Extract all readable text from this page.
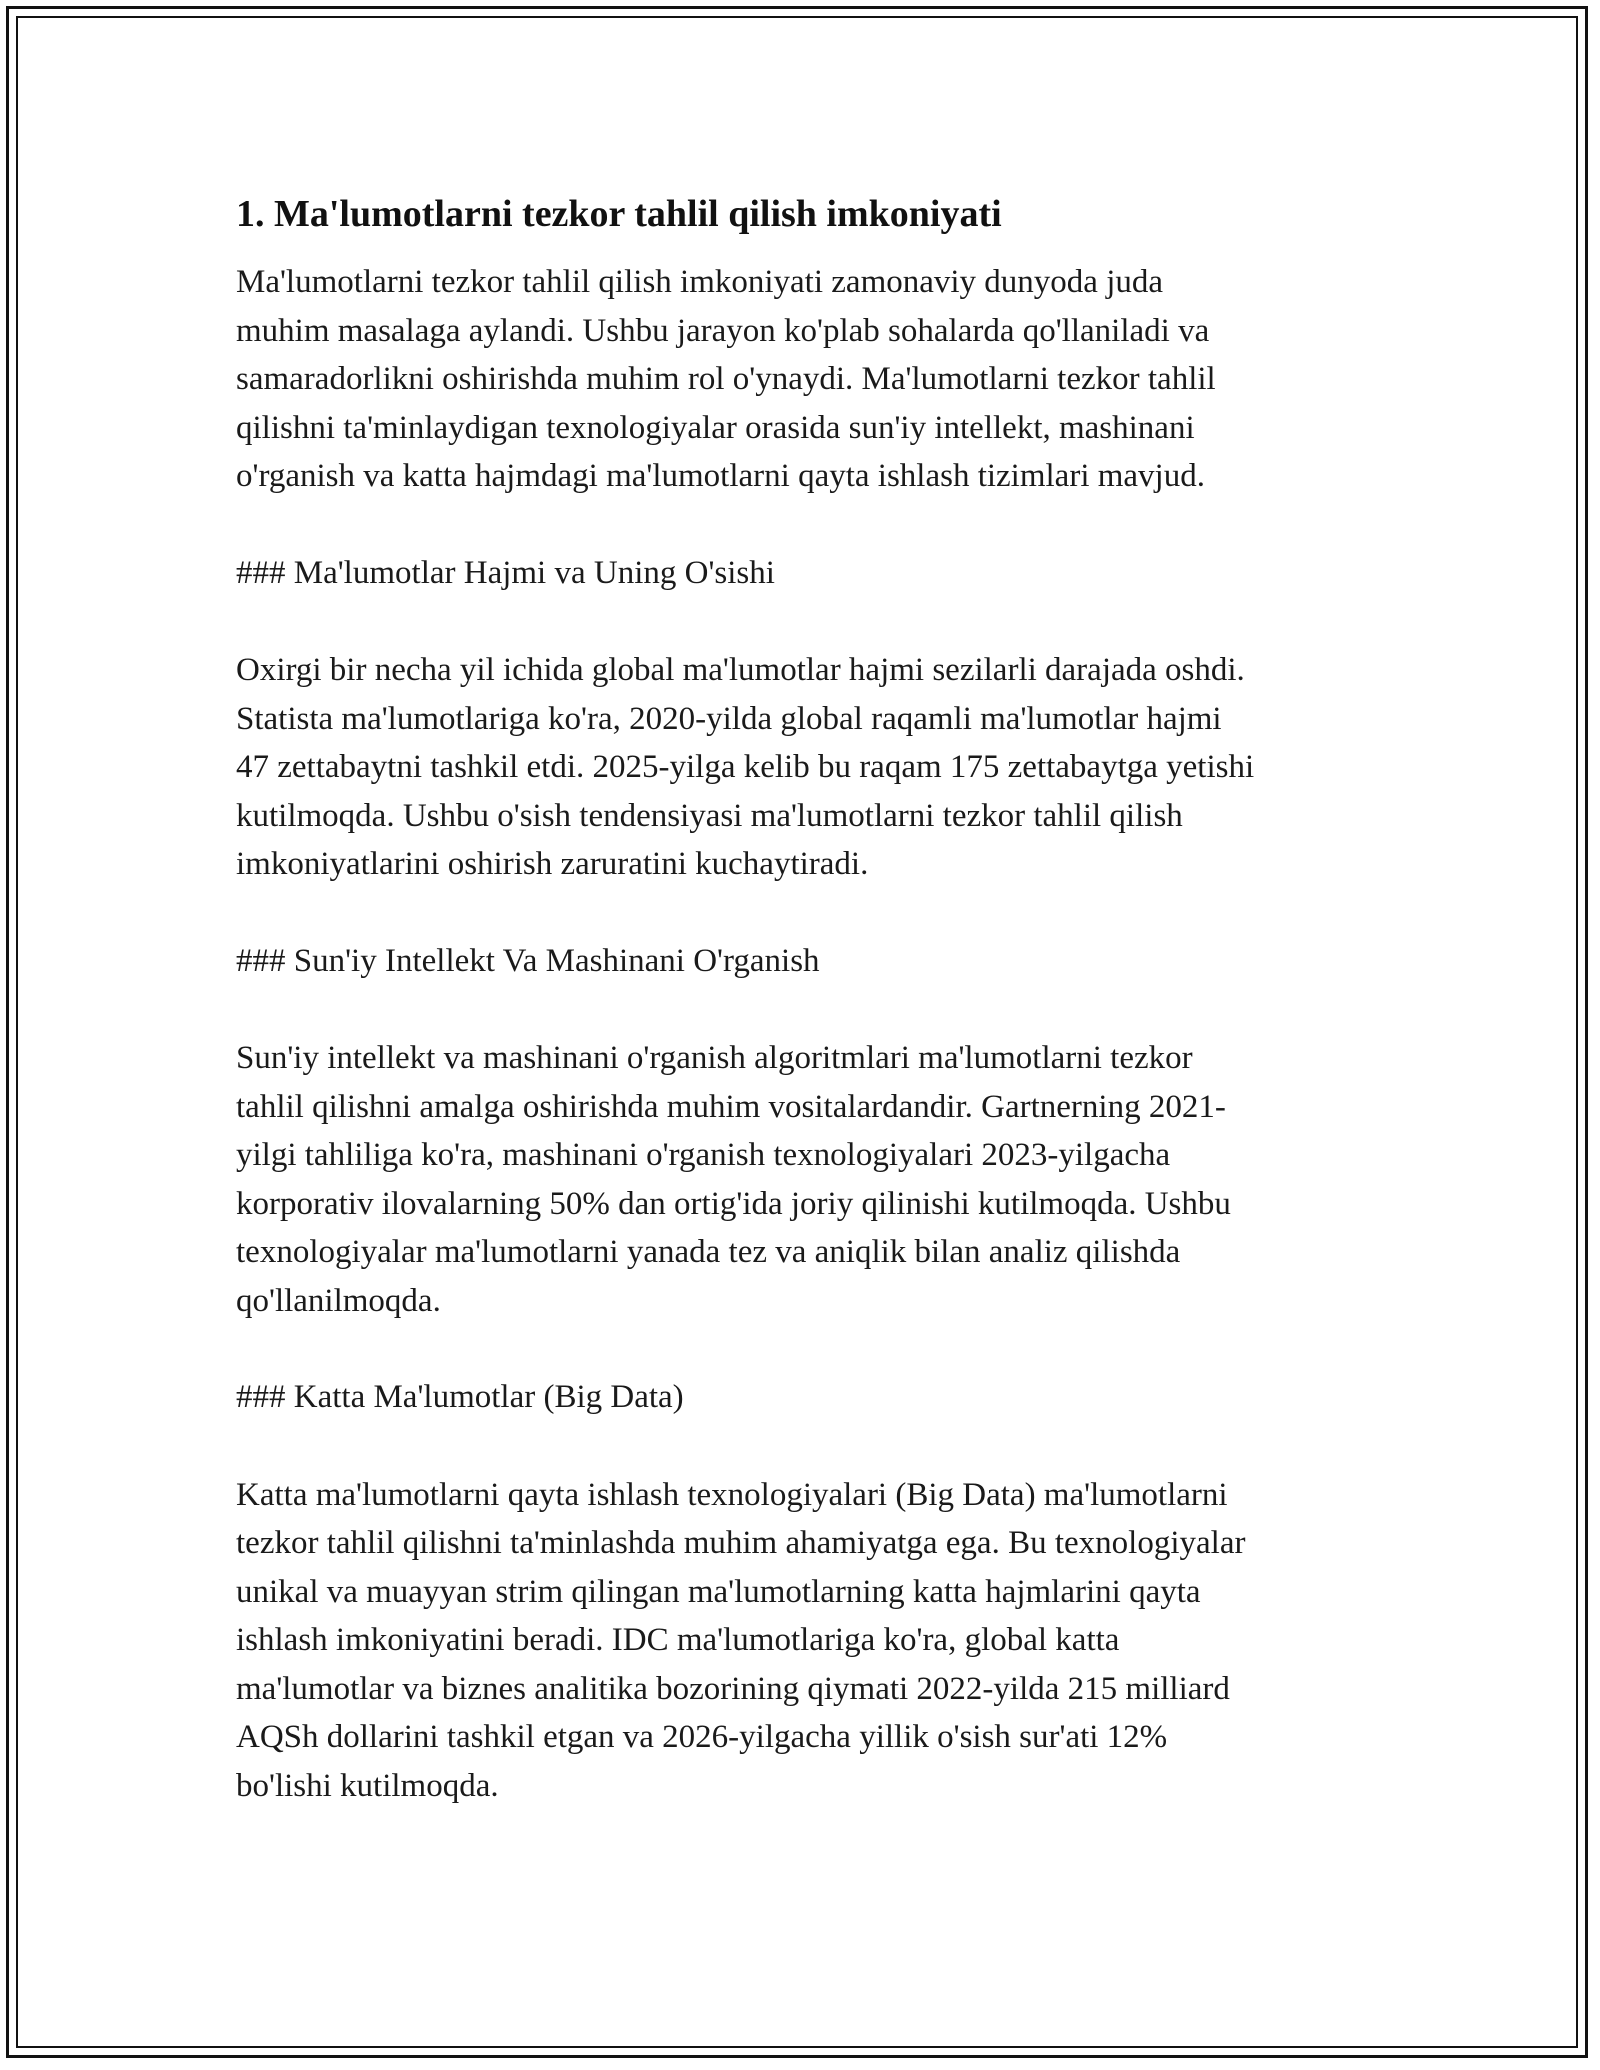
1. Ma'lumotlarni tezkor tahlil qilish imkoniyati

Ma'lumotlarni tezkor tahlil qilish imkoniyati zamonaviy dunyoda juda
muhim masalaga aylandi. Ushbu jarayon ko'plab sohalarda qo'llaniladi va
samaradorlikni oshirishda muhim rol o'ynaydi. Ma'lumotlarni tezkor tahlil
qilishni ta'minlaydigan texnologiyalar orasida sun'iy intellekt, mashinani
o'rganish va katta hajmdagi ma'lumotlarni qayta ishlash tizimlari mavjud.

### Ma'lumotlar Hajmi va Uning O'sishi

Oxirgi bir necha yil ichida global ma'lumotlar hajmi sezilarli darajada oshdi.
Statista ma'lumotlariga ko'ra, 2020-yilda global raqamli ma'lumotlar hajmi
47 zettabaytni tashkil etdi. 2025-yilga kelib bu raqam 175 zettabaytga yetishi
kutilmoqda. Ushbu o'sish tendensiyasi ma'lumotlarni tezkor tahlil qilish
imkoniyatlarini oshirish zaruratini kuchaytiradi.

### Sun'iy Intellekt Va Mashinani O'rganish

Sun'iy intellekt va mashinani o'rganish algoritmlari ma'lumotlarni tezkor
tahlil qilishni amalga oshirishda muhim vositalardandir. Gartnerning 2021-
yilgi tahliliga ko'ra, mashinani o'rganish texnologiyalari 2023-yilgacha
korporativ ilovalarning 50% dan ortig'ida joriy qilinishi kutilmoqda. Ushbu
texnologiyalar ma'lumotlarni yanada tez va aniqlik bilan analiz qilishda
qo'llanilmoqda.

### Katta Ma'lumotlar (Big Data)

Katta ma'lumotlarni qayta ishlash texnologiyalari (Big Data) ma'lumotlarni
tezkor tahlil qilishni ta'minlashda muhim ahamiyatga ega. Bu texnologiyalar
unikal va muayyan strim qilingan ma'lumotlarning katta hajmlarini qayta
ishlash imkoniyatini beradi. IDC ma'lumotlariga ko'ra, global katta
ma'lumotlar va biznes analitika bozorining qiymati 2022-yilda 215 milliard
AQSh dollarini tashkil etgan va 2026-yilgacha yillik o'sish sur'ati 12%
bo'lishi kutilmoqda.
